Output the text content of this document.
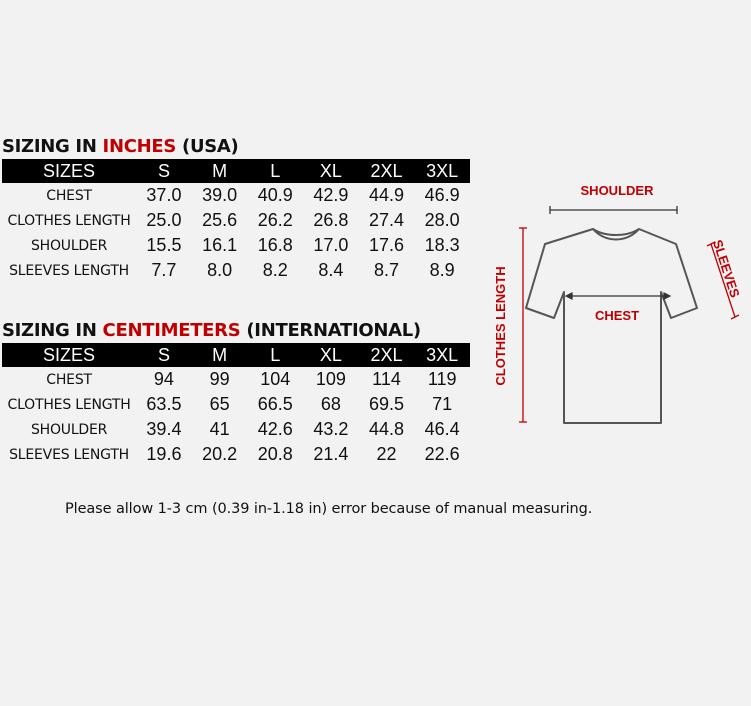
SIZING IN INCHES (USA)
SIZES	S	M	L	XL	2XL	3XL
CHEST	37.0	39.0	40.9	42.9	44.9	46.9
CLOTHES LENGTH	25.0	25.6	26.2	26.8	27.4	28.0
SHOULDER	15.5	16.1	16.8	17.0	17.6	18.3
SLEEVES LENGTH	7.7	8.0	8.2	8.4	8.7	8.9
SIZING IN CENTIMETERS (INTERNATIONAL)
SIZES	S	M	L	XL	2XL	3XL
CHEST	94	99	104	109	114	119
CLOTHES LENGTH	63.5	65	66.5	68	69.5	71
SHOULDER	39.4	41	42.6	43.2	44.8	46.4
SLEEVES LENGTH	19.6	20.2	20.8	21.4	22	22.6
Please allow 1-3 cm (0.39 in-1.18 in) error because of manual measuring.
SHOULDER
CHEST
CLOTHES LENGTH	SLEEVES
